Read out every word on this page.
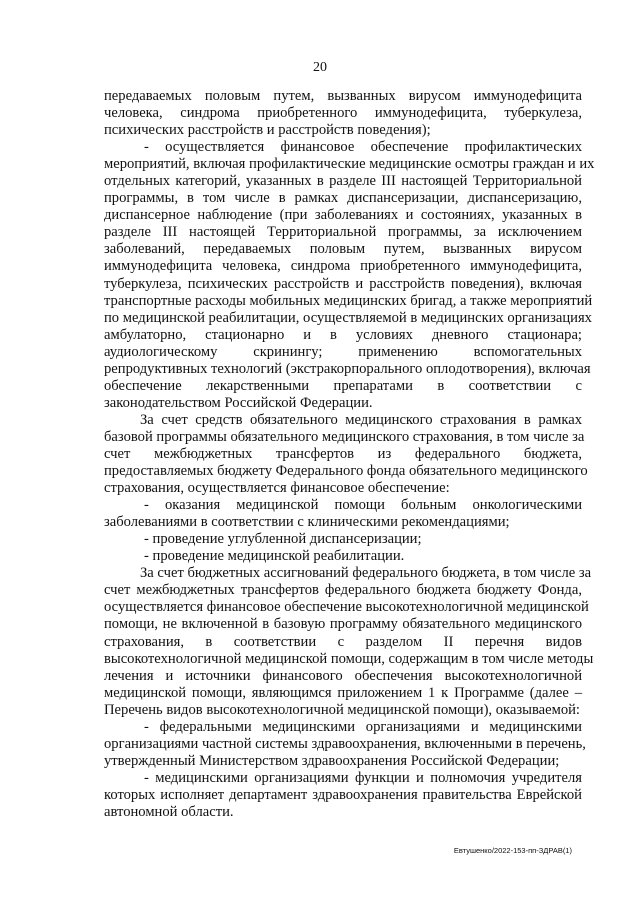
20
передаваемых половым путем, вызванных вирусом иммунодефицита
человека, синдрома приобретенного иммунодефицита, туберкулеза,
психических расстройств и расстройств поведения);
- осуществляется финансовое обеспечение профилактических
мероприятий, включая профилактические медицинские осмотры граждан и их
отдельных категорий, указанных в разделе III настоящей Территориальной
программы, в том числе в рамках диспансеризации, диспансеризацию,
диспансерное наблюдение (при заболеваниях и состояниях, указанных в
разделе III настоящей Территориальной программы, за исключением
заболеваний, передаваемых половым путем, вызванных вирусом
иммунодефицита человека, синдрома приобретенного иммунодефицита,
туберкулеза, психических расстройств и расстройств поведения), включая
транспортные расходы мобильных медицинских бригад, а также мероприятий
по медицинской реабилитации, осуществляемой в медицинских организациях
амбулаторно, стационарно и в условиях дневного стационара;
аудиологическому скринингу; применению вспомогательных
репродуктивных технологий (экстракорпорального оплодотворения), включая
обеспечение лекарственными препаратами в соответствии с
законодательством Российской Федерации.
За счет средств обязательного медицинского страхования в рамках
базовой программы обязательного медицинского страхования, в том числе за
счет межбюджетных трансфертов из федерального бюджета,
предоставляемых бюджету Федерального фонда обязательного медицинского
страхования, осуществляется финансовое обеспечение:
- оказания медицинской помощи больным онкологическими
заболеваниями в соответствии с клиническими рекомендациями;
- проведение углубленной диспансеризации;
- проведение медицинской реабилитации.
За счет бюджетных ассигнований федерального бюджета, в том числе за
счет межбюджетных трансфертов федерального бюджета бюджету Фонда,
осуществляется финансовое обеспечение высокотехнологичной медицинской
помощи, не включенной в базовую программу обязательного медицинского
страхования, в соответствии с разделом II перечня видов
высокотехнологичной медицинской помощи, содержащим в том числе методы
лечения и источники финансового обеспечения высокотехнологичной
медицинской помощи, являющимся приложением 1 к Программе (далее –
Перечень видов высокотехнологичной медицинской помощи), оказываемой:
- федеральными медицинскими организациями и медицинскими
организациями частной системы здравоохранения, включенными в перечень,
утвержденный Министерством здравоохранения Российской Федерации;
- медицинскими организациями функции и полномочия учредителя
которых исполняет департамент здравоохранения правительства Еврейской
автономной области.
Евтушенко/2022-153-пп-ЗДРАВ(1)
